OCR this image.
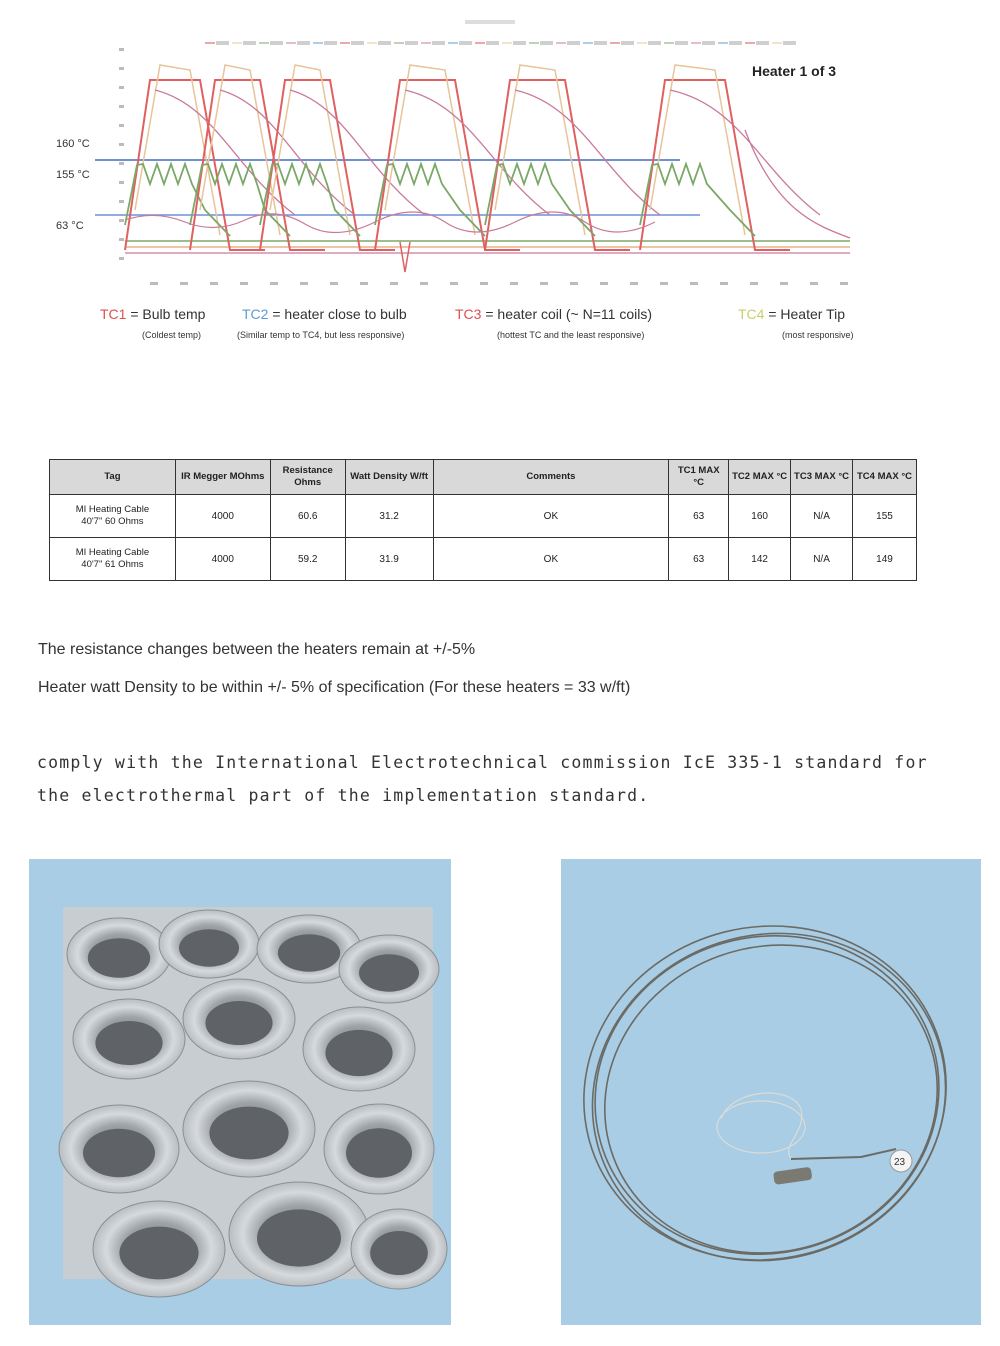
160 °C
155 °C
63 °C
Heater 1 of 3
TC1 = Bulb temp
(Coldest temp)
TC2 = heater close to bulb
(Similar temp to TC4, but less responsive)
TC3 = heater coil (~ N=11 coils)
(hottest TC and the least responsive)
TC4 = Heater Tip
(most responsive)
Tag	IR Megger MOhms	Resistance Ohms	Watt Density W/ft	Comments	TC1 MAX °C	TC2 MAX °C	TC3 MAX °C	TC4 MAX °C
MI Heating Cable
40'7" 60 Ohms	4000	60.6	31.2	OK	63	160	N/A	155
MI Heating Cable
40'7" 61 Ohms	4000	59.2	31.9	OK	63	142	N/A	149
The resistance changes between the heaters remain at +/-5%
Heater watt Density to be within +/- 5% of specification (For these heaters = 33 w/ft)
comply with the International Electrotechnical commission IcE 335-1 standard for the electrothermal part of the implementation standard.
23
